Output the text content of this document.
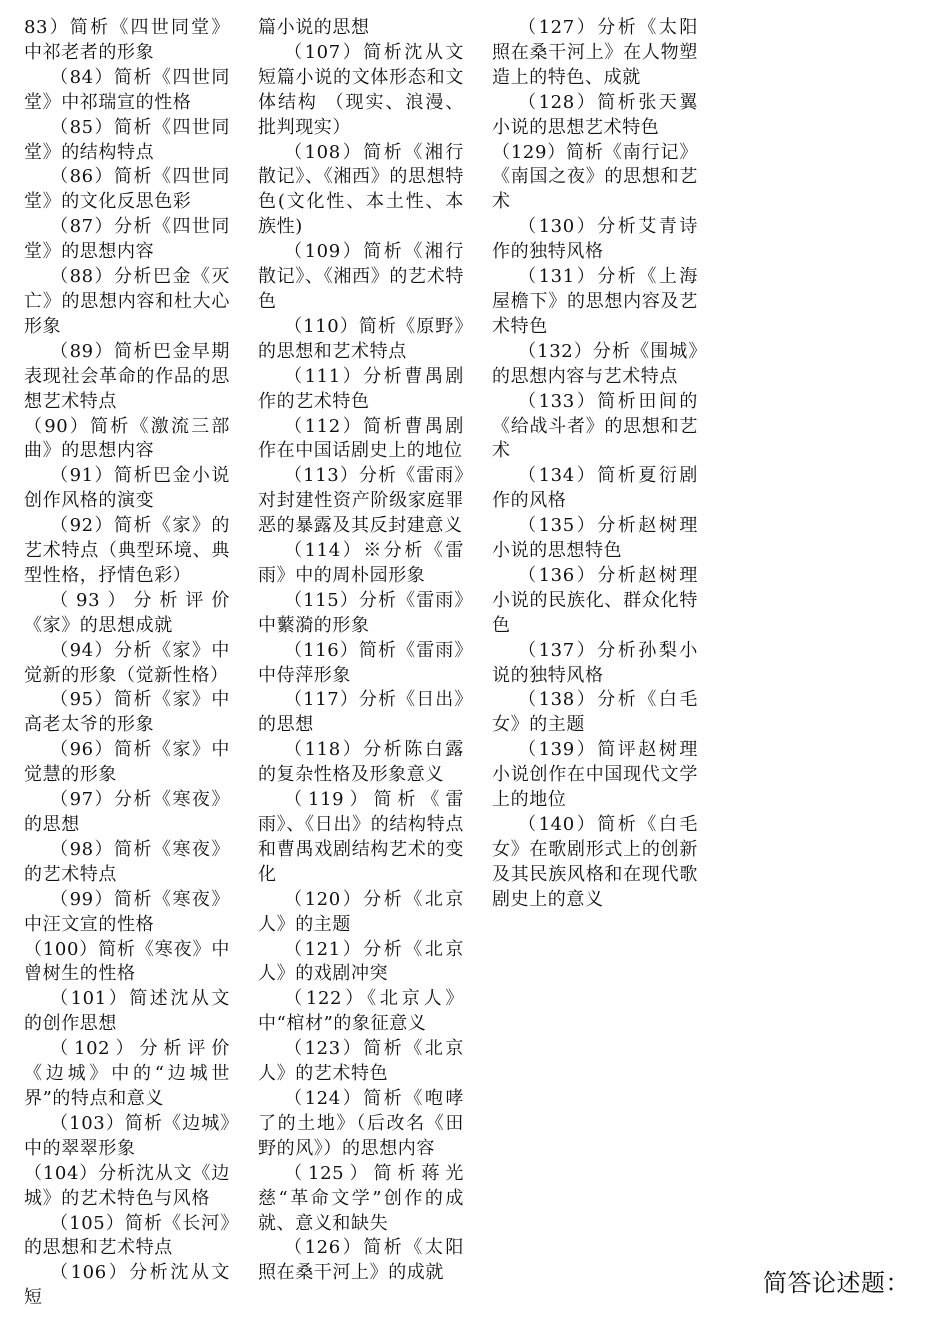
83）简析《四世同堂》中祁老者的形象

（84）简析《四世同堂》中祁瑞宣的性格

（85）简析《四世同堂》的结构特点

（86）简析《四世同堂》的文化反思色彩

（87）分析《四世同堂》的思想内容

（88）分析巴金《灭亡》的思想内容和杜大心形象

（89）简析巴金早期表现社会革命的作品的思想艺术特点

（90）简析《激流三部曲》的思想内容

（91）简析巴金小说创作风格的演变

（92）简析《家》的艺术特点（典型环境、典型性格，抒情色彩）

（93）分析评价《家》的思想成就

（94）分析《家》中觉新的形象（觉新性格）

（95）简析《家》中高老太爷的形象

（96）简析《家》中觉慧的形象

（97）分析《寒夜》的思想

（98）简析《寒夜》的艺术特点

（99）简析《寒夜》中汪文宣的性格

（100）简析《寒夜》中曾树生的性格

（101）简述沈从文的创作思想

（102）分析评价《边城》中的“边城世界”的特点和意义

（103）简析《边城》中的翠翠形象

（104）分析沈从文《边城》的艺术特色与风格

（105）简析《长河》的思想和艺术特点

（106）分析沈从文短

篇小说的思想

（107）简析沈从文短篇小说的文体形态和文体结构 （现实、浪漫、批判现实）

（108）简析《湘行散记》、《湘西》的思想特色(文化性、本土性、本族性)

（109）简析《湘行散记》、《湘西》的艺术特色

（110）简析《原野》的思想和艺术特点

（111）分析曹禺剧作的艺术特色

（112）简析曹禺剧作在中国话剧史上的地位

（113）分析《雷雨》对封建性资产阶级家庭罪恶的暴露及其反封建意义

（114）※分析《雷雨》中的周朴园形象

（115）分析《雷雨》中蘩漪的形象

（116）简析《雷雨》中侍萍形象

（117）分析《日出》的思想

（118）分析陈白露的复杂性格及形象意义

（119）简析《雷雨》、《日出》的结构特点和曹禺戏剧结构艺术的变化

（120）分析《北京人》的主题

（121）分析《北京人》的戏剧冲突

（122）《北京人》中“棺材”的象征意义

（123）简析《北京人》的艺术特色

（124）简析《咆哮了的土地》（后改名《田野的风》）的思想内容

（125）简析蒋光慈“革命文学”创作的成就、意义和缺失

（126）简析《太阳照在桑干河上》的成就

（127）分析《太阳照在桑干河上》在人物塑造上的特色、成就

（128）简析张天翼小说的思想艺术特色

（129）简析《南行记》《南国之夜》的思想和艺术

（130）分析艾青诗作的独特风格

（131）分析《上海屋檐下》的思想内容及艺术特色

（132）分析《围城》的思想内容与艺术特点

（133）简析田间的《给战斗者》的思想和艺术

（134）简析夏衍剧作的风格

（135）分析赵树理小说的思想特色

（136）分析赵树理小说的民族化、群众化特色

（137）分析孙梨小说的独特风格

（138）分析《白毛女》的主题

（139）简评赵树理小说创作在中国现代文学上的地位

（140）简析《白毛女》在歌剧形式上的创新及其民族风格和在现代歌剧史上的意义

简答论述题：
